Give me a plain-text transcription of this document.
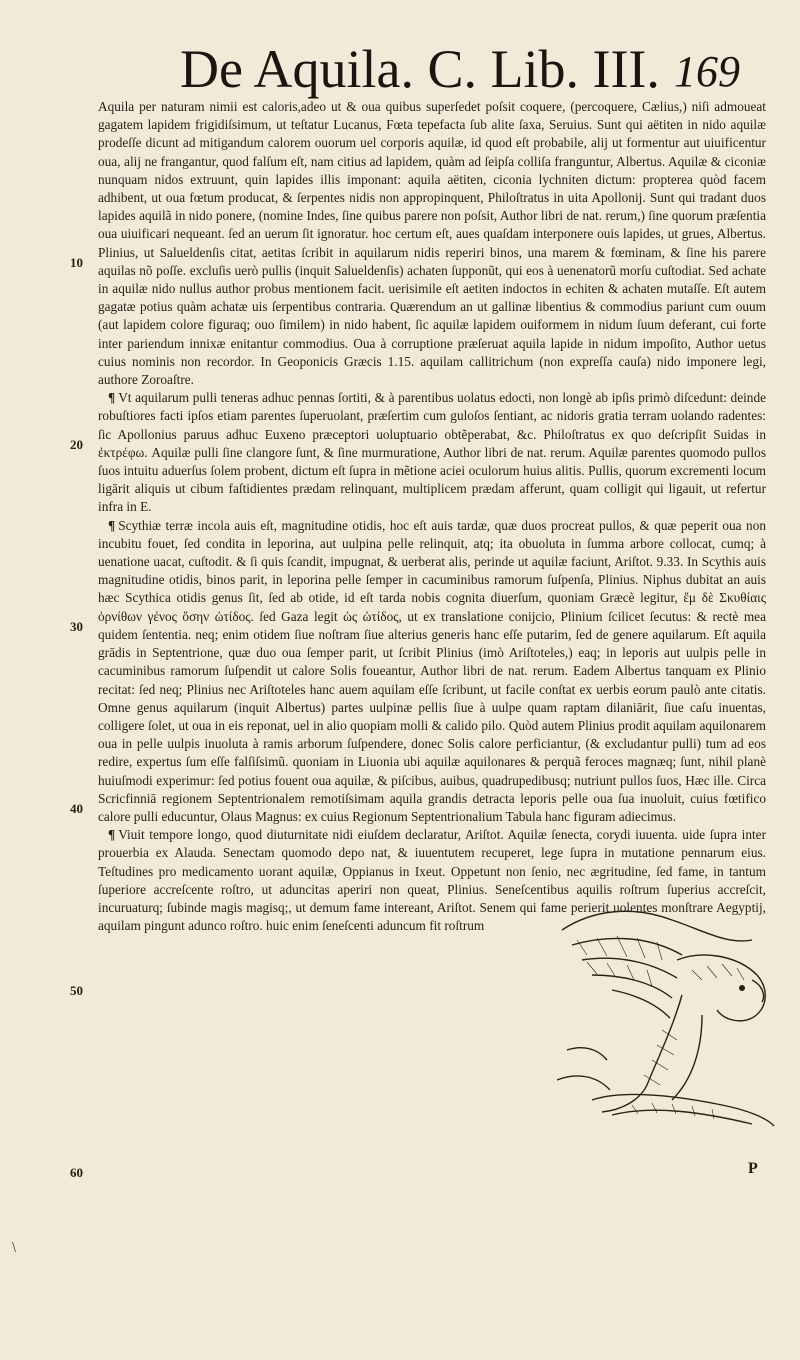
De Aquila. C. Lib. III. 169
10
20
30
40
50
60

Aquila per naturam nimii est caloris,adeo ut & oua quibus superſedet poſsit coquere, (percoquere, Cælius,) niſi admoueat gagatem lapidem frigidiſsimum, ut teſtatur Lucanus, Fœta tepefacta ſub alite ſaxa, Seruius. Sunt qui aëtiten in nido aquilæ prodeſſe dicunt ad mitigandum calorem ouorum uel corporis aquilæ, id quod eſt probabile, alij ut formentur aut uiuificentur oua, alij ne frangantur, quod falſum eſt, nam citius ad lapidem, quàm ad ſeipſa colliſa franguntur, Albertus. Aquilæ & ciconiæ nunquam nidos extruunt, quin lapides illis imponant: aquila aëtiten, ciconia lychniten dictum: propterea quòd facem adhibent, ut oua fœtum producat, & ſerpentes nidis non appropinquent, Philoſtratus in uita Apollonij. Sunt qui tradant duos lapides aquilã in nido ponere, (nomine Indes, ſine quibus parere non poſsit, Author libri de nat. rerum,) ſine quorum præſentia oua uiuificari nequeant. ſed an uerum ſit ignoratur. hoc certum eſt, aues quaſdam interponere ouis lapides, ut grues, Albertus. Plinius, ut Salueldenſis citat, aetitas ſcribit in aquilarum nidis reperiri binos, una marem & fœminam, & ſine his parere aquilas nõ poſſe. excluſis uerò pullis (inquit Salueldenſis) achaten ſupponũt, qui eos à uenenatorũ morſu cuſtodiat. Sed achate in aquilæ nido nullus author probus mentionem facit. uerisimile eſt aetiten indoctos in echiten & achaten mutaſſe. Eſt autem gagatæ potius quàm achatæ uis ſerpentibus contraria. Quærendum an ut gallinæ libentius & commodius pariunt cum ouum (aut lapidem colore figuraq; ouo ſimilem) in nido habent, ſic aquilæ lapidem ouiformem in nidum ſuum deferant, cui forte inter pariendum innixæ enitantur commodius. Oua à corruptione præſeruat aquila lapide in nidum impoſito, Author uetus cuius nominis non recordor. In Geoponicis Græcis 1.15. aquilam callitrichum (non expreſſa cauſa) nido imponere legi, authore Zoroaſtre.

¶ Vt aquilarum pulli teneras adhuc pennas ſortiti, & à parentibus uolatus edocti, non longè ab ipſis primò diſcedunt: deinde robuſtiores facti ipſos etiam parentes ſuperuolant, præſertim cum guloſos ſentiant, ac nidoris gratia terram uolando radentes: ſic Apollonius paruus adhuc Euxeno præceptori uoluptuario obtẽperabat, &c. Philoſtratus ex quo deſcripſit Suidas in ἐκτρέφω. Aquilæ pulli ſine clangore ſunt, & ſine murmuratione, Author libri de nat. rerum. Aquilæ parentes quomodo pullos ſuos intuitu aduerſus ſolem probent, dictum eſt ſupra in mẽtione aciei oculorum huius alitis. Pullis, quorum excrementi locum ligārit aliquis ut cibum faſtidientes prædam relinquant, multiplicem prædam afferunt, quam colligit qui ligauit, ut refertur infra in E.

¶ Scythiæ terræ incola auis eſt, magnitudine otidis, hoc eſt auis tardæ, quæ duos procreat pullos, & quæ peperit oua non incubitu fouet, ſed condita in leporina, aut uulpina pelle relinquit, atq; ita obuoluta in ſumma arbore collocat, cumq; à uenatione uacat, cuſtodit. & ſi quis ſcandit, impugnat, & uerberat alis, perinde ut aquilæ faciunt, Ariſtot. 9.33. In Scythis auis magnitudine otidis, binos parit, in leporina pelle ſemper in cacuminibus ramorum ſuſpenſa, Plinius. Niphus dubitat an auis hæc Scythica otidis genus ſit, ſed ab otide, id eſt tarda nobis cognita diuerſum, quoniam Græcè legitur, ἔμ δὲ Σκυθίαις ὀρνίθων γένος ὅσην ὠτίδος. ſed Gaza legit ὡς ὠτίδος, ut ex translatione conijcio, Plinium ſcilicet ſecutus: & rectè mea quidem ſententia. neq; enim otidem ſiue noſtram ſiue alterius generis hanc eſſe putarim, ſed de genere aquilarum. Eſt aquila grādis in Septentrione, quæ duo oua ſemper parit, ut ſcribit Plinius (imò Ariſtoteles,) eaq; in leporis aut uulpis pelle in cacuminibus ramorum ſuſpendit ut calore Solis foueantur, Author libri de nat. rerum. Eadem Albertus tanquam ex Plinio recitat: ſed neq; Plinius nec Ariſtoteles hanc auem aquilam eſſe ſcribunt, ut facile conſtat ex uerbis eorum paulò ante citatis. Omne genus aquilarum (inquit Albertus) partes uulpinæ pellis ſiue à uulpe quam raptam dilaniārit, ſiue caſu inuentas, colligere ſolet, ut oua in eis reponat, uel in alio quopiam molli & calido pilo. Quòd autem Plinius prodit aquilam aquilonarem oua in pelle uulpis inuoluta à ramis arborum ſuſpendere, donec Solis calore perficiantur, (& excludantur pulli) tum ad eos redire, expertus ſum eſſe falſiſsimũ. quoniam in Liuonia ubi aquilæ aquilonares & perquã feroces magnæq; ſunt, nihil planè huiuſmodi experimur: ſed potius fouent oua aquilæ, & piſcibus, auibus, quadrupedibusq; nutriunt pullos ſuos, Hæc ille. Circa Scricfinniā regionem Septentrionalem remotiſsimam aquila grandis detracta leporis pelle oua ſua inuoluit, cuius fœtifico calore pulli educuntur, Olaus Magnus: ex cuius Regionum Septentrionalium Tabula hanc figuram adiecimus.

¶ Viuit tempore longo, quod diuturnitate nidi eiuſdem declaratur, Ariſtot. Aquilæ ſenecta, corydi iuuenta. uide ſupra inter prouerbia ex Alauda. Senectam quomodo depo nat, & iuuentutem recuperet, lege ſupra in mutatione pennarum eius. Teſtudines pro medicamento uorant aquilæ, Oppianus in Ixeut. Oppetunt non ſenio, nec ægritudine, ſed fame, in tantum ſuperiore accreſcente roſtro, ut aduncitas aperiri non queat, Plinius. Seneſcentibus aquilis roſtrum ſuperius accreſcit, incuruaturq; ſubinde magis magisq;, ut demum fame intereant, Ariſtot. Senem qui fame perierit uolentes monſtrare Aegyptij, aquilam pingunt adunco roſtro. huic enim ſeneſcenti aduncum fit roſtrum

P
\
